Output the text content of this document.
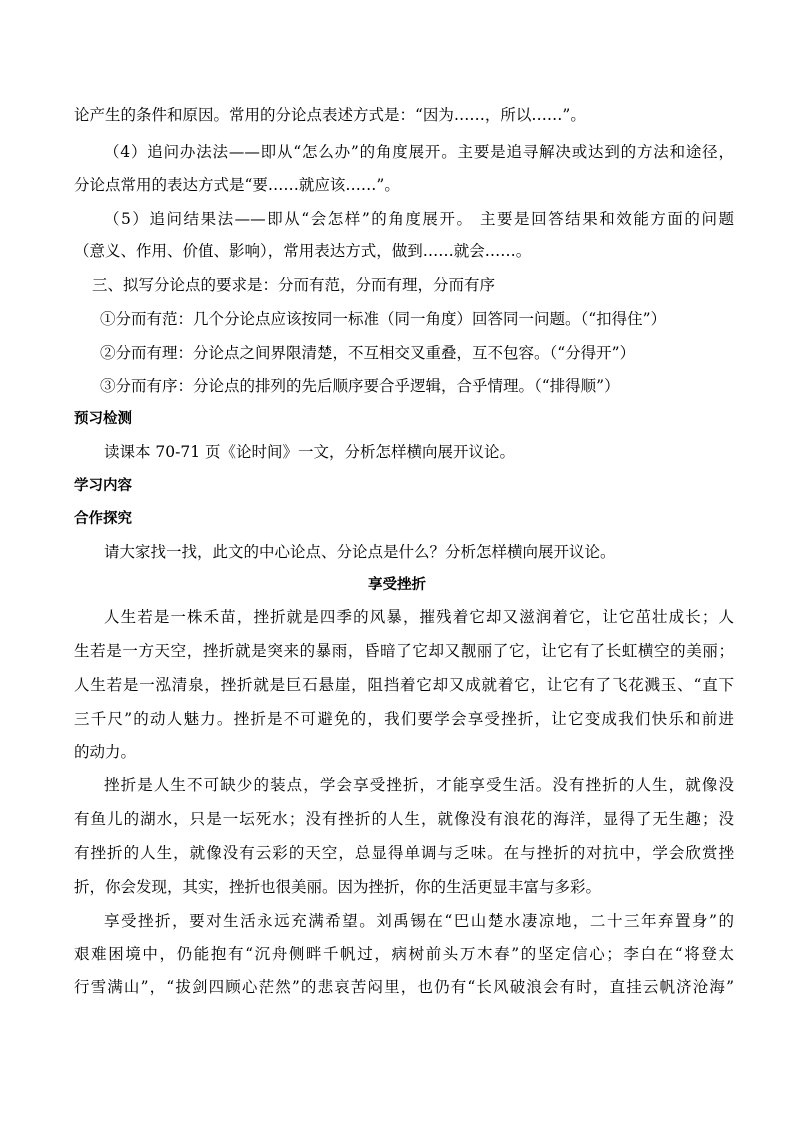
论产生的条件和原因。常用的分论点表述方式是：“因为……，所以……”。
（4）追问办法法——即从“怎么办”的角度展开。主要是追寻解决或达到的方法和途径，
分论点常用的表达方式是“要……就应该……”。
（5）追问结果法——即从“会怎样”的角度展开。 主要是回答结果和效能方面的问题
（意义、作用、价值、影响），常用表达方式，做到……就会……。
三、拟写分论点的要求是：分而有范，分而有理，分而有序
①分而有范：几个分论点应该按同一标准（同一角度）回答同一问题。（“扣得住”）
②分而有理：分论点之间界限清楚，不互相交叉重叠，互不包容。（“分得开”）
③分而有序：分论点的排列的先后顺序要合乎逻辑，合乎情理。（“排得顺”）
预习检测
读课本 70-71 页《论时间》一文，分析怎样横向展开议论。
学习内容
合作探究
请大家找一找，此文的中心论点、分论点是什么？分析怎样横向展开议论。
享受挫折
人生若是一株禾苗，挫折就是四季的风暴，摧残着它却又滋润着它，让它茁壮成长；人
生若是一方天空，挫折就是突来的暴雨，昏暗了它却又靓丽了它，让它有了长虹横空的美丽；
人生若是一泓清泉，挫折就是巨石悬崖，阻挡着它却又成就着它，让它有了飞花溅玉、“直下
三千尺”的动人魅力。挫折是不可避免的，我们要学会享受挫折，让它变成我们快乐和前进
的动力。
挫折是人生不可缺少的装点，学会享受挫折，才能享受生活。没有挫折的人生，就像没
有鱼儿的湖水，只是一坛死水；没有挫折的人生，就像没有浪花的海洋，显得了无生趣；没
有挫折的人生，就像没有云彩的天空，总显得单调与乏味。在与挫折的对抗中，学会欣赏挫
折，你会发现，其实，挫折也很美丽。因为挫折，你的生活更显丰富与多彩。
享受挫折，要对生活永远充满希望。刘禹锡在“巴山楚水凄凉地，二十三年弃置身”的
艰难困境中，仍能抱有“沉舟侧畔千帆过，病树前头万木春”的坚定信心；李白在“将登太
行雪满山”，“拔剑四顾心茫然”的悲哀苦闷里，也仍有“长风破浪会有时，直挂云帆济沧海”
